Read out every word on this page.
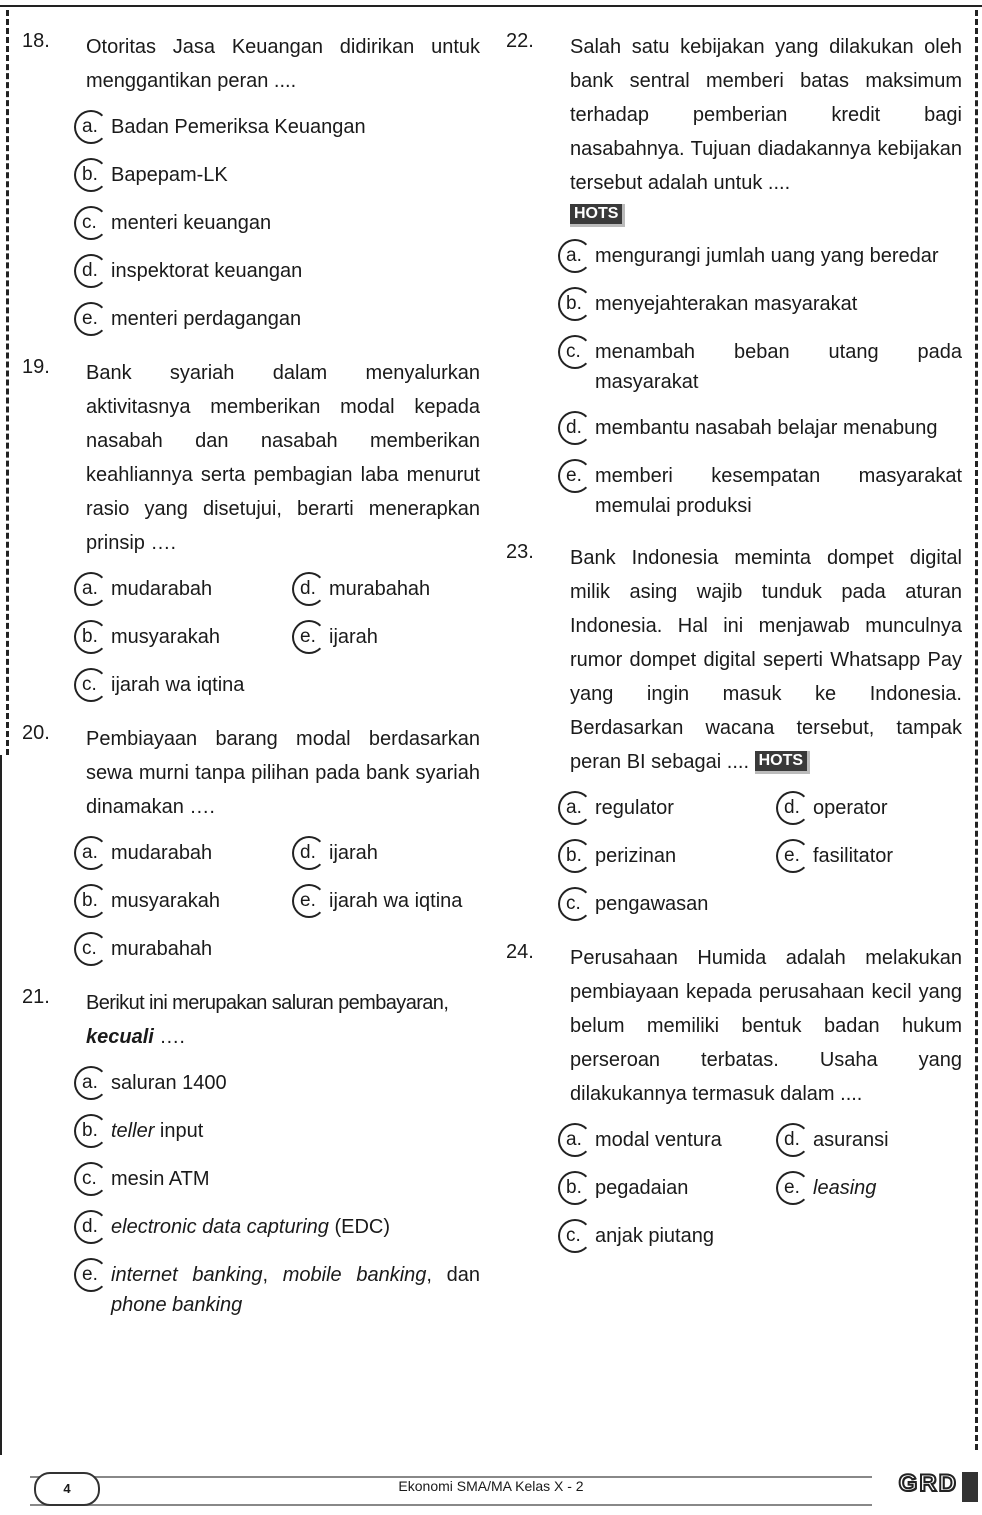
18. Otoritas Jasa Keuangan didirikan untuk menggantikan peran ....
a. Badan Pemeriksa Keuangan
b. Bapepam-LK
c. menteri keuangan
d. inspektorat keuangan
e. menteri perdagangan
19. Bank syariah dalam menyalurkan aktivitasnya memberikan modal kepada nasabah dan nasabah memberikan keahliannya serta pembagian laba menurut rasio yang disetujui, berarti menerapkan prinsip ….
a. mudarabah	d. murabahah
b. musyarakah	e. ijarah
c. ijarah wa iqtina
20. Pembiayaan barang modal berdasarkan sewa murni tanpa pilihan pada bank syariah dinamakan ….
a. mudarabah	d. ijarah
b. musyarakah	e. ijarah wa iqtina
c. murabahah
21. Berikut ini merupakan saluran pembayaran,
kecuali ….
a. saluran 1400
b. teller input
c. mesin ATM
d. electronic data capturing (EDC)
e. internet banking, mobile banking, dan phone banking
22. Salah satu kebijakan yang dilakukan oleh bank sentral memberi batas maksimum terhadap pemberian kredit bagi nasabahnya. Tujuan diadakannya kebijakan tersebut adalah untuk ....
HOTS
a. mengurangi jumlah uang yang beredar
b. menyejahterakan masyarakat
c. menambah beban utang pada masyarakat
d. membantu nasabah belajar menabung
e. memberi kesempatan masyarakat memulai produksi
23. Bank Indonesia meminta dompet digital milik asing wajib tunduk pada aturan Indonesia. Hal ini menjawab munculnya rumor dompet digital seperti Whatsapp Pay yang ingin masuk ke Indonesia. Berdasarkan wacana tersebut, tampak peran BI sebagai .... HOTS
a. regulator	d. operator
b. perizinan	e. fasilitator
c. pengawasan
24. Perusahaan Humida adalah melakukan pembiayaan kepada perusahaan kecil yang belum memiliki bentuk badan hukum perseroan terbatas. Usaha yang dilakukannya termasuk dalam ....
a. modal ventura	d. asuransi
b. pegadaian	e. leasing
c. anjak piutang
4	Ekonomi SMA/MA Kelas X - 2	GRD
